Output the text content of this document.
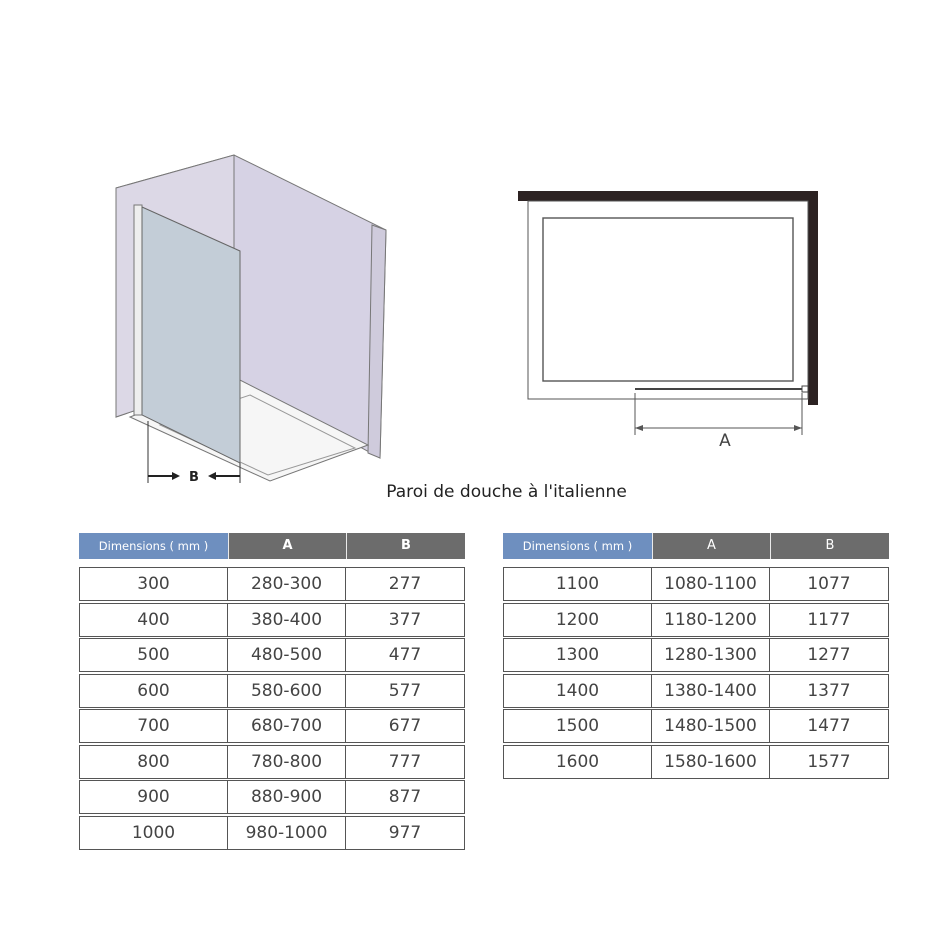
B
A
Paroi de douche à l'italienne
Dimensions ( mm )	A	B
300	280-300	277
400	380-400	377
500	480-500	477
600	580-600	577
700	680-700	677
800	780-800	777
900	880-900	877
1000	980-1000	977
Dimensions ( mm )	A	B
1100	1080-1100	1077
1200	1180-1200	1177
1300	1280-1300	1277
1400	1380-1400	1377
1500	1480-1500	1477
1600	1580-1600	1577
